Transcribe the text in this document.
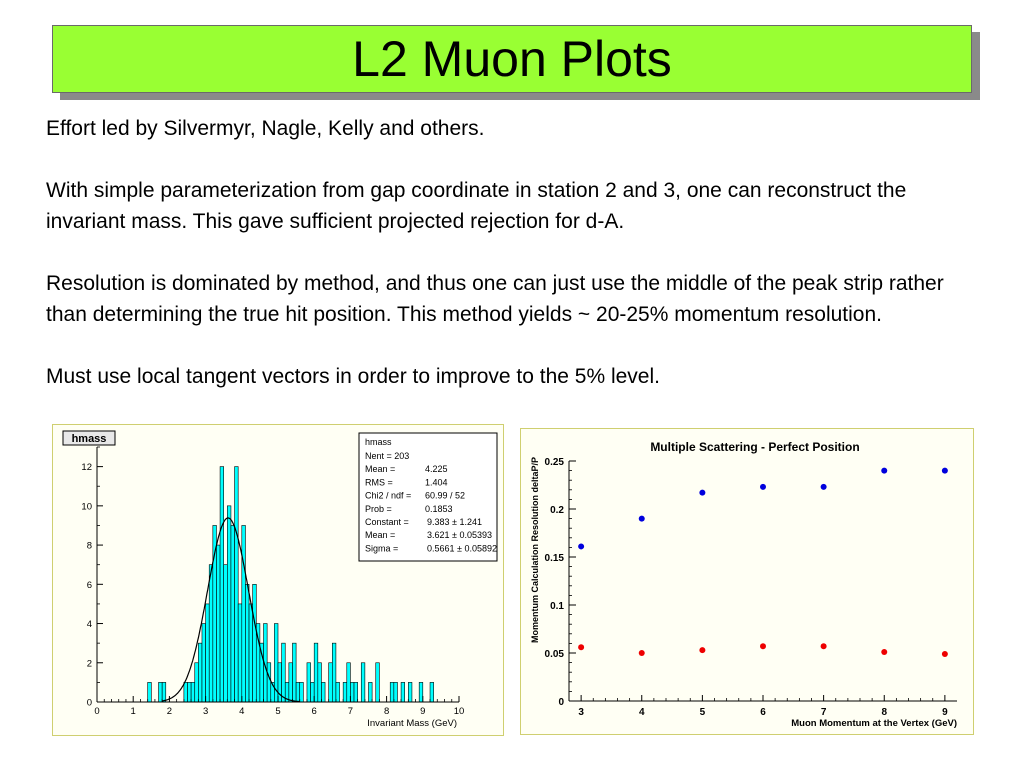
L2 Muon Plots

Effort led by Silvermyr, Nagle, Kelly and others.

With simple parameterization from gap coordinate in station 2 and 3, one can reconstruct the invariant mass. This gave sufficient projected rejection for d-A.

Resolution is dominated by method, and thus one can just use the middle of the peak strip rather than determining the true hit position. This method yields ~ 20-25% momentum resolution.

Must use local tangent vectors in order to improve to the 5% level.

hmass
0	1	2	3	4	5	6	7	8	9	10
0
2
4
6
8
10
12
Invariant Mass (GeV)
hmass
Nent = 203
Mean =	4.225
RMS =	1.404
Chi2 / ndf = 60.99 / 52
Prob =	0.1853
Constant = 9.383 ± 1.241
Mean =	3.621 ± 0.05393
Sigma =	0.5661 ± 0.05892
Multiple Scattering - Perfect Position
3	4	5	6	7	8	9
0
0.05
0.1
0.15
0.2
0.25
Muon Momentum at the Vertex (GeV)
Momentum Calculation Resolution deltaP/P
